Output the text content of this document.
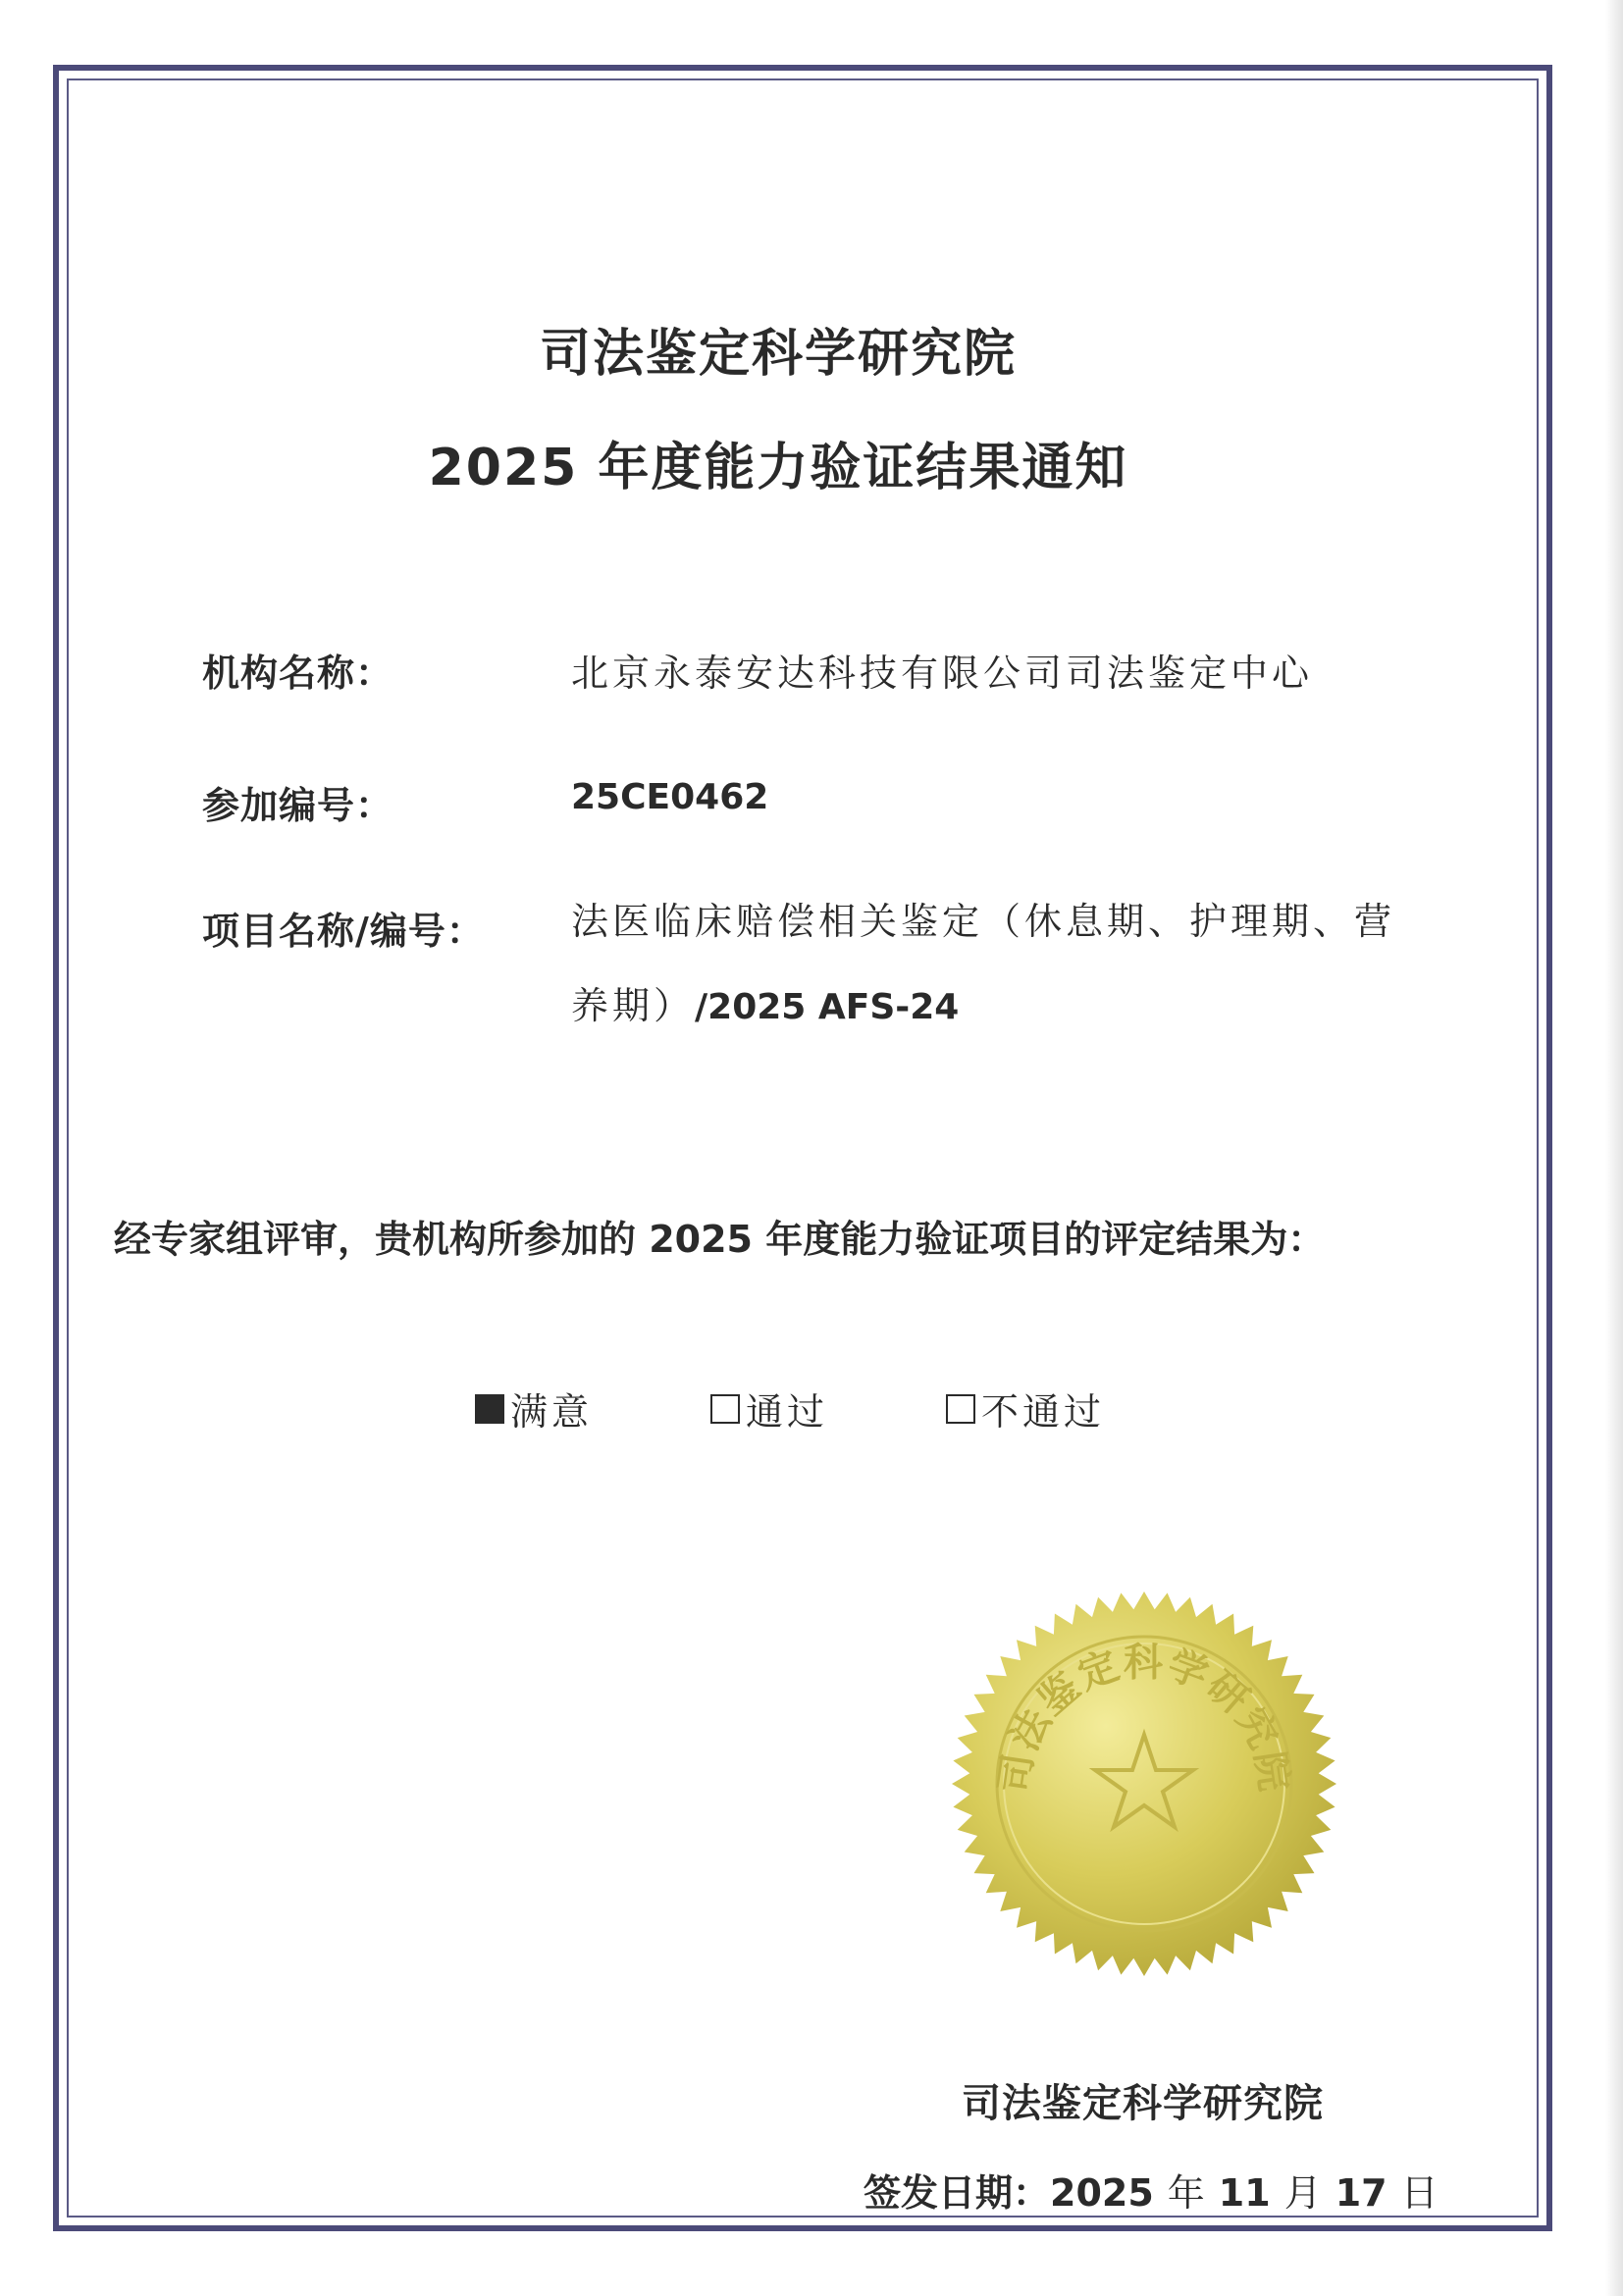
司法鉴定科学研究院
2025 年度能力验证结果通知
机构名称：	北京永泰安达科技有限公司司法鉴定中心
参加编号：	25CE0462
项目名称/编号： 法医临床赔偿相关鉴定（休息期、护理期、营
养期）/2025 AFS-24
经专家组评审，贵机构所参加的 2025 年度能力验证项目的评定结果为：
满意	通过	不通过
司法鉴定科学研究院
司法鉴定科学研究院
签发日期：2025 年 11 月 17 日
